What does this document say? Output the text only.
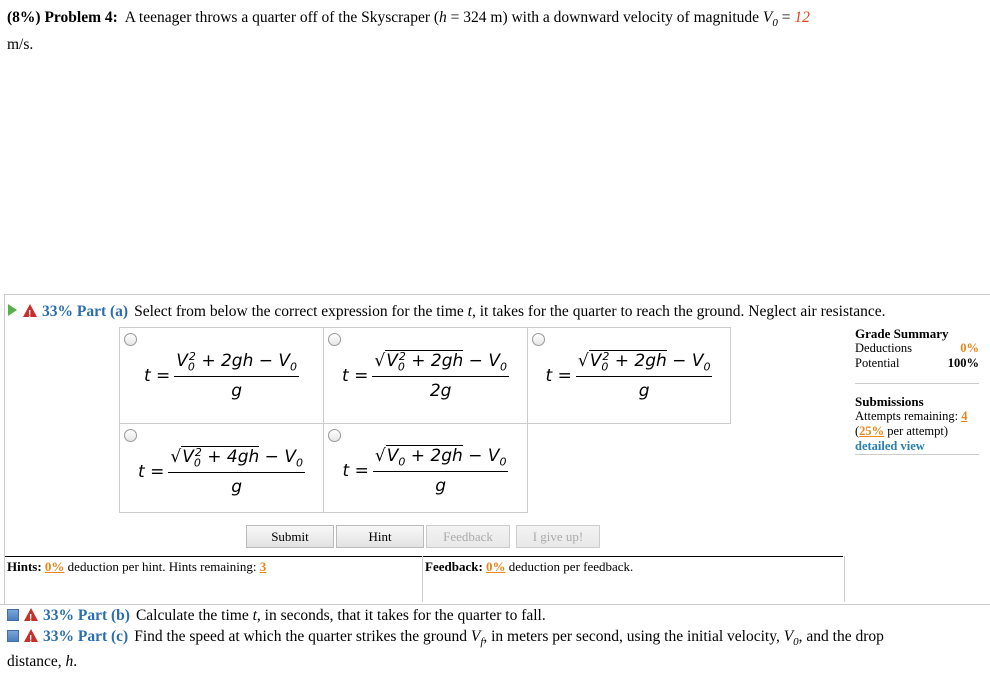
(8%) Problem 4: A teenager throws a quarter off of the Skyscraper (h = 324 m) with a downward velocity of magnitude $V_0 = 12$
m/s.
!33% Part (a) Select from below the correct expression for the time t, it takes for the quarter to reach the ground. Neglect air resistance.
$t = \frac{V_0^2 + 2gh - V_0}{g}$	$t = \frac{√V_0^2 + 2gh - V_0}{2g}$ $t = \frac{√V_0^2 + 2gh - V_0}{g}$
$t = \frac{√V_0^2 + 4gh - V_0}{g}$ $t = \frac{√V_0 + 2gh - V_0}{g}$
Grade Summary
Deductions	0%
Potential	100%
Submissions
Attempts remaining: 4
(25% per attempt)
detailed view
Submit	Hint	Feedback	I give up!
Hints: 0% deduction per hint. Hints remaining: 3	Feedback: 0% deduction per feedback.
!33% Part (b) Calculate the time t, in seconds, that it takes for the quarter to fall.
!33% Part (c) Find the speed at which the quarter strikes the ground $V_f$, in meters per second, using the initial velocity, $V_0$, and the drop
distance, h.
